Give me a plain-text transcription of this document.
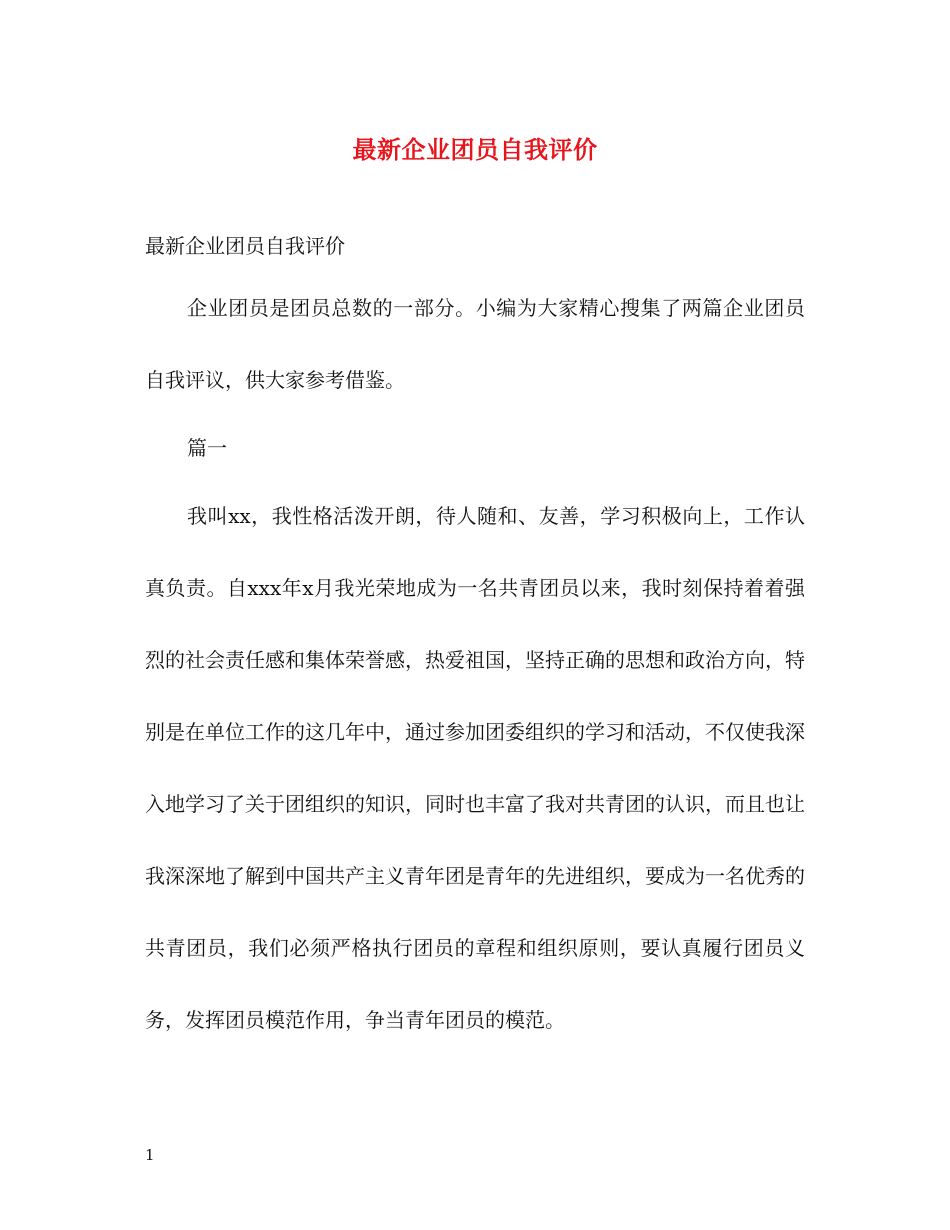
最新企业团员自我评价

最新企业团员自我评价

企业团员是团员总数的一部分。小编为大家精心搜集了两篇企业团员自我评议，供大家参考借鉴。

篇一

我叫xx，我性格活泼开朗，待人随和、友善，学习积极向上，工作认真负责。自xxx年x月我光荣地成为一名共青团员以来，我时刻保持着着强烈的社会责任感和集体荣誉感，热爱祖国，坚持正确的思想和政治方向，特别是在单位工作的这几年中，通过参加团委组织的学习和活动，不仅使我深入地学习了关于团组织的知识，同时也丰富了我对共青团的认识，而且也让我深深地了解到中国共产主义青年团是青年的先进组织，要成为一名优秀的共青团员，我们必须严格执行团员的章程和组织原则，要认真履行团员义务，发挥团员模范作用，争当青年团员的模范。

1
